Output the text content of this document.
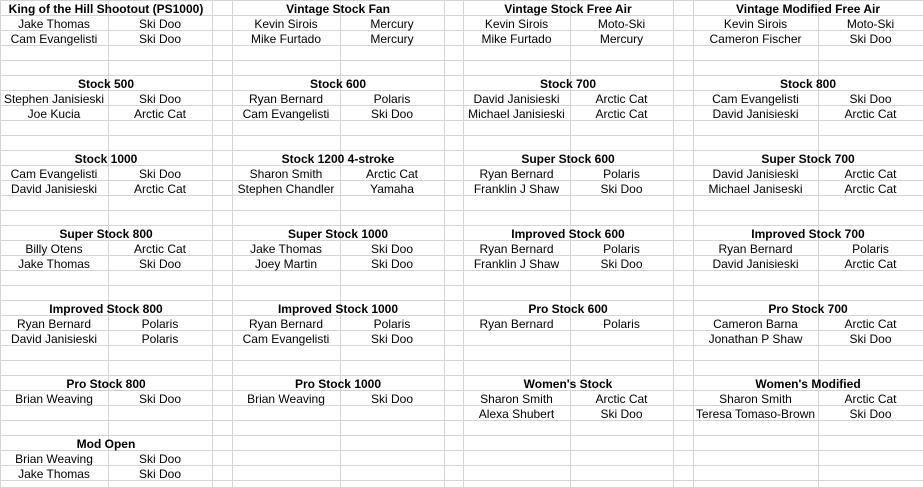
King of the Hill Shootout (PS1000)
Jake Thomas	Ski Doo
Cam Evangelisti	Ski Doo
Vintage Stock Fan
Kevin Sirois	Mercury
Mike Furtado	Mercury
Vintage Stock Free Air
Kevin Sirois	Moto-Ski
Mike Furtado	Mercury
Vintage Modified Free Air
Kevin Sirois	Moto-Ski
Cameron Fischer	Ski Doo
Stock 500
Stephen Janisieski	Ski Doo
Joe Kucia	Arctic Cat
Stock 600
Ryan Bernard	Polaris
Cam Evangelisti	Ski Doo
Stock 700
David Janisieski	Arctic Cat
Michael Janisieski	Arctic Cat
Stock 800
Cam Evangelisti	Ski Doo
David Janisieski	Arctic Cat
Stock 1000
Cam Evangelisti	Ski Doo
David Janisieski	Arctic Cat
Stock 1200 4-stroke
Sharon Smith	Arctic Cat
Stephen Chandler	Yamaha
Super Stock 600
Ryan Bernard	Polaris
Franklin J Shaw	Ski Doo
Super Stock 700
David Janisieski	Arctic Cat
Michael Janiseski	Arctic Cat
Super Stock 800
Billy Otens	Arctic Cat
Jake Thomas	Ski Doo
Super Stock 1000
Jake Thomas	Ski Doo
Joey Martin	Ski Doo
Improved Stock 600
Ryan Bernard	Polaris
Franklin J Shaw	Ski Doo
Improved Stock 700
Ryan Bernard	Polaris
David Janisieski	Arctic Cat
Improved Stock 800
Ryan Bernard	Polaris
David Janisieski	Polaris
Improved Stock 1000
Ryan Bernard	Polaris
Cam Evangelisti	Ski Doo
Pro Stock 600
Ryan Bernard	Polaris
Pro Stock 700
Cameron Barna	Arctic Cat
Jonathan P Shaw	Ski Doo
Pro Stock 800
Brian Weaving	Ski Doo
Pro Stock 1000
Brian Weaving	Ski Doo
Women's Stock
Sharon Smith	Arctic Cat
Alexa Shubert	Ski Doo
Women's Modified
Sharon Smith	Arctic Cat
Teresa Tomaso-Brown	Ski Doo
Mod Open
Brian Weaving	Ski Doo
Jake Thomas	Ski Doo
